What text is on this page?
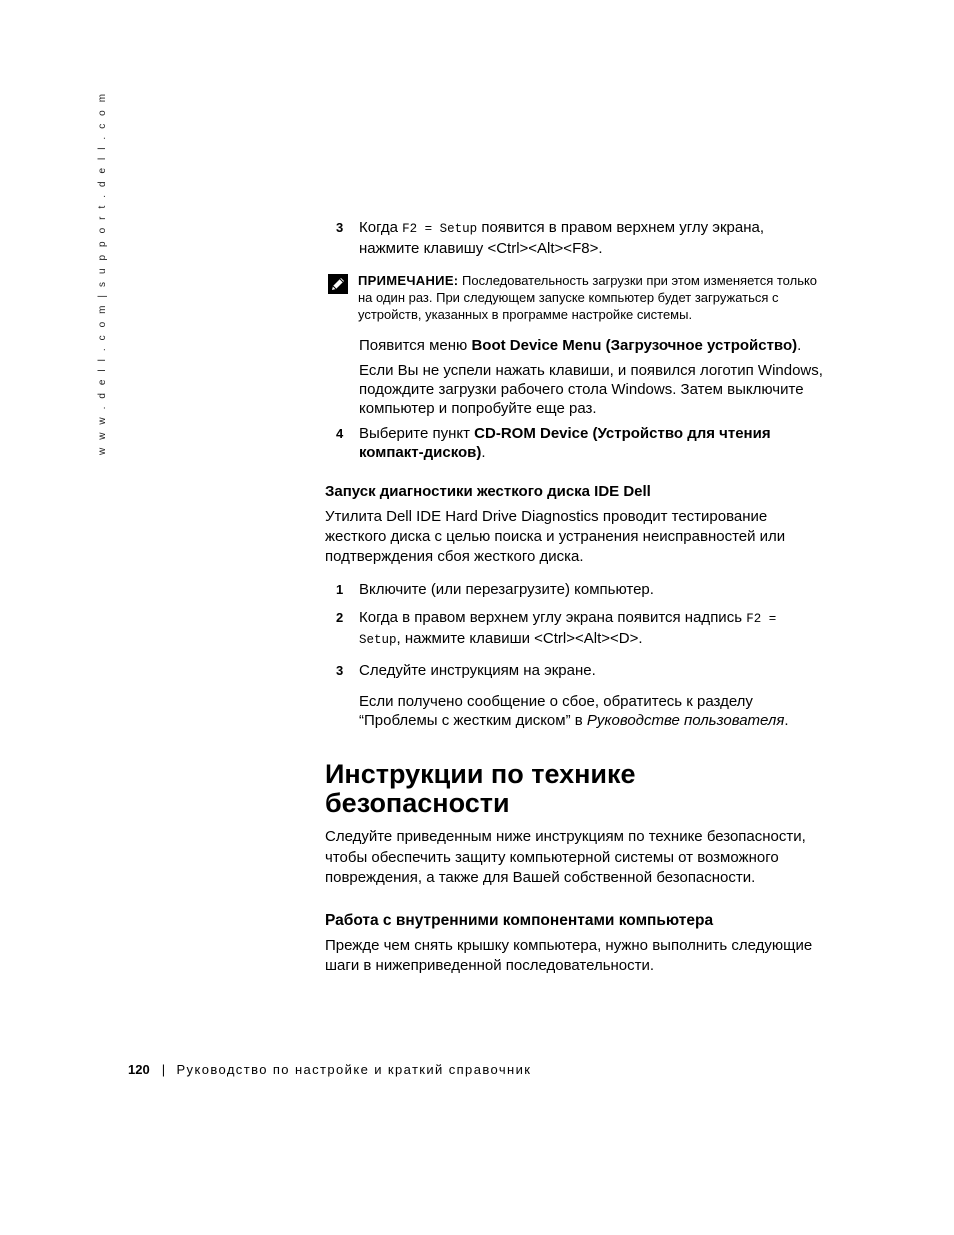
w w w . d e l l . c o m | s u p p o r t . d e l l . c o m	3 Когда F2 = Setup появится в правом верхнем углу экрана, нажмите клавишу <Ctrl><Alt><F8>.
ПРИМЕЧАНИЕ: Последовательность загрузки при этом изменяется только на один раз. При следующем запуске компьютер будет загружаться с устройств, указанных в программе настройке системы.

Появится меню Boot Device Menu (Загрузочное устройство).

Если Вы не успели нажать клавиши, и появился логотип Windows, подождите загрузки рабочего стола Windows. Затем выключите компьютер и попробуйте еще раз.

4 Выберите пункт CD-ROM Device (Устройство для чтения компакт-дисков).

Запуск диагностики жесткого диска IDE Dell

Утилита Dell IDE Hard Drive Diagnostics проводит тестирование жесткого диска с целью поиска и устранения неисправностей или подтверждения сбоя жесткого диска.

1 Включите (или перезагрузите) компьютер.
2 Когда в правом верхнем углу экрана появится надпись F2 = Setup, нажмите клавиши <Ctrl><Alt><D>.
3 Следуйте инструкциям на экране.

Если получено сообщение о сбое, обратитесь к разделу “Проблемы с жестким диском” в Руководстве пользователя.

Инструкции по технике безопасности

Следуйте приведенным ниже инструкциям по технике безопасности, чтобы обеспечить защиту компьютерной системы от возможного повреждения, а также для Вашей собственной безопасности.

Работа с внутренними компонентами компьютера

Прежде чем снять крышку компьютера, нужно выполнить следующие шаги в нижеприведенной последовательности.

120 | Руководство по настройке и краткий справочник
